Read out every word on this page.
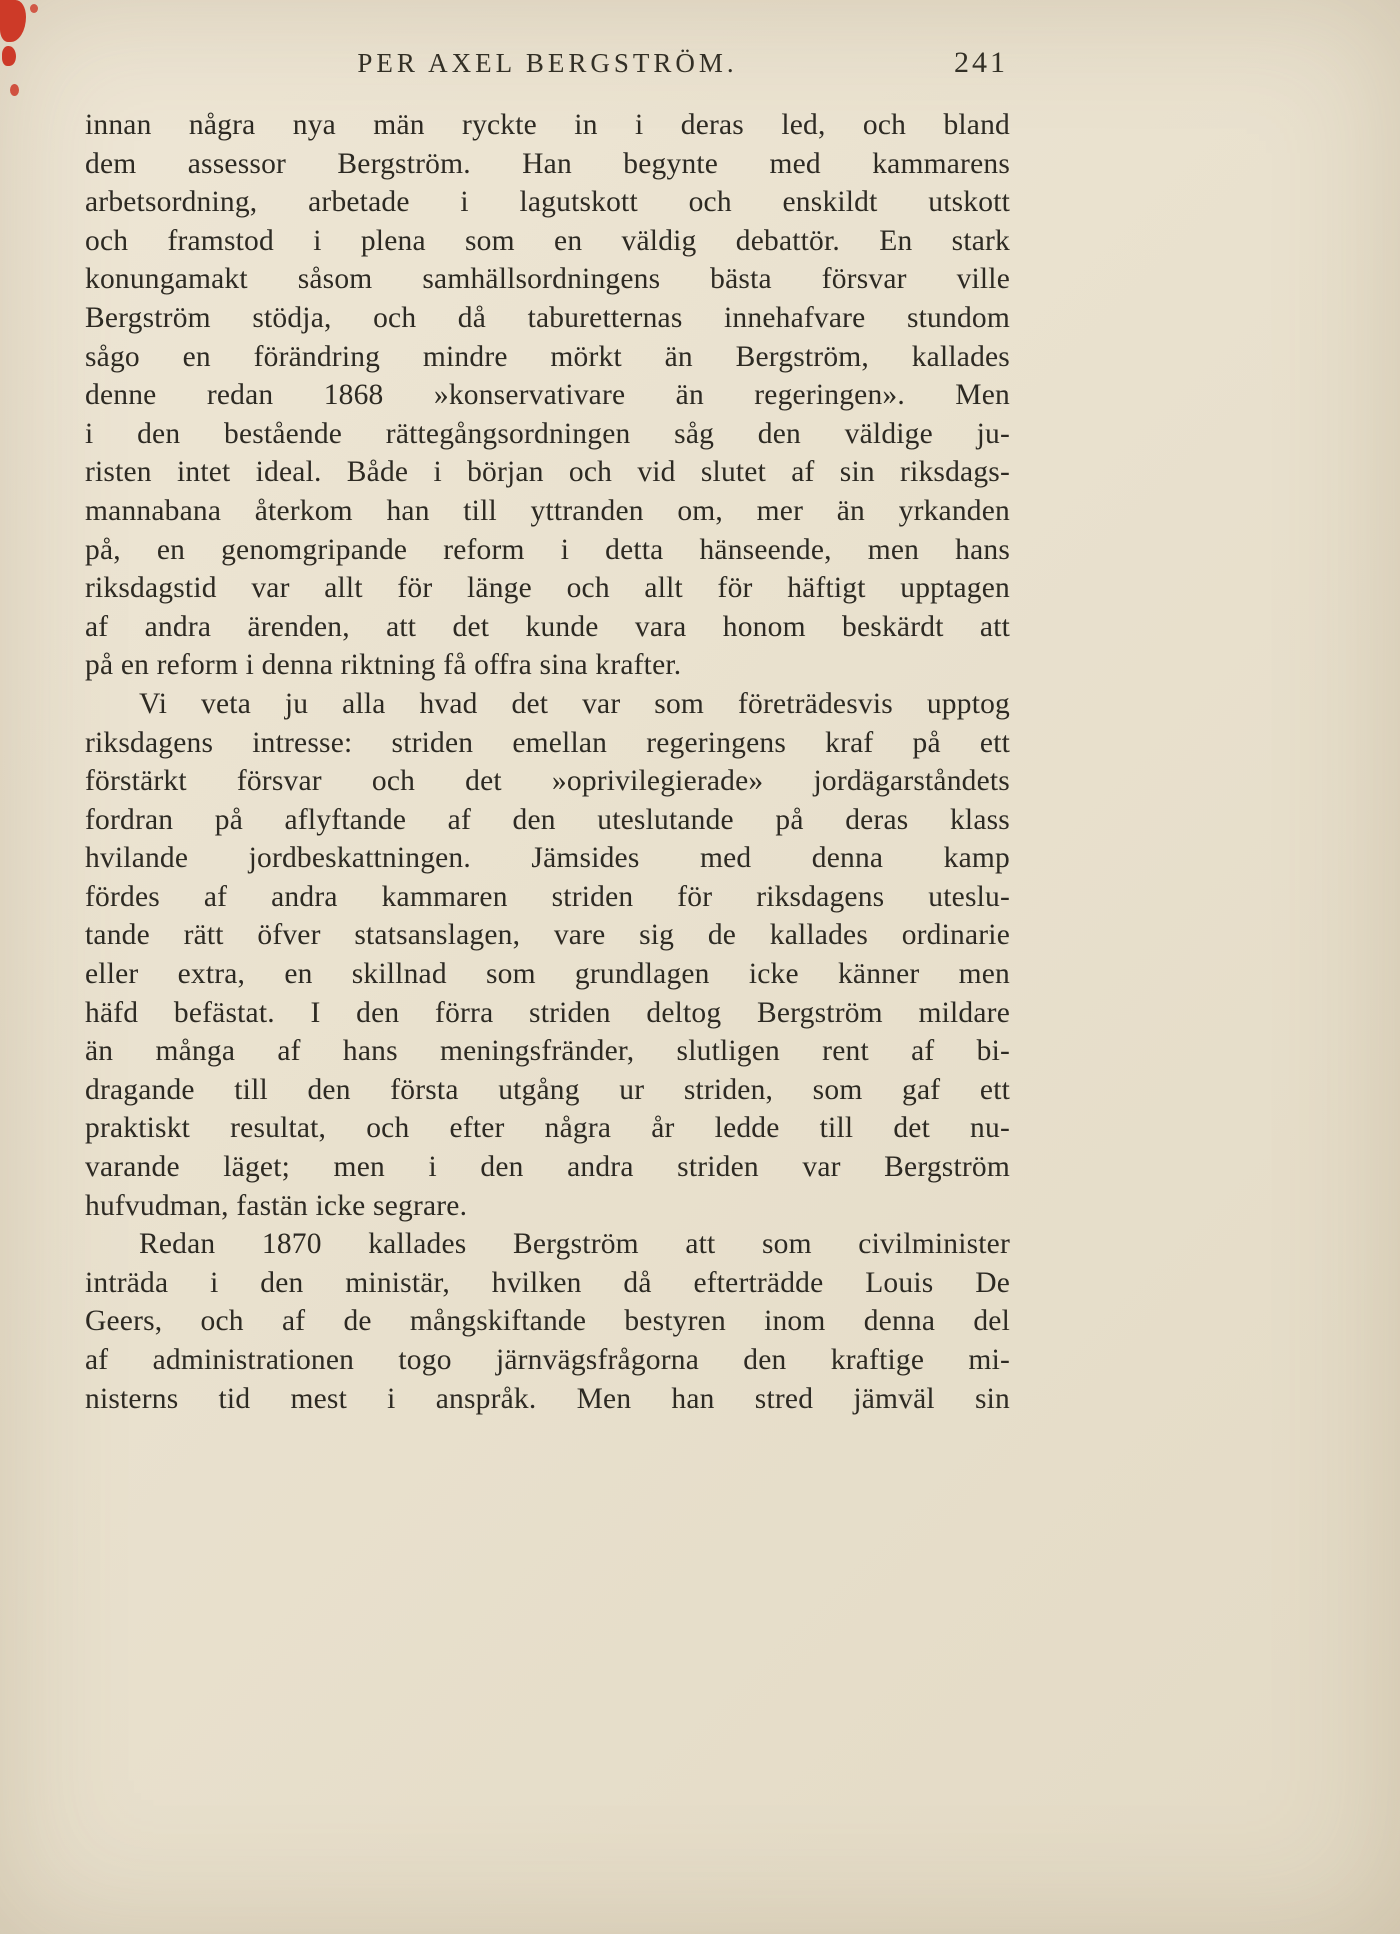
PER AXEL BERGSTRÖM.	241
innan några nya män ryckte in i deras led, och bland
dem assessor Bergström. Han begynte med kammarens
arbetsordning, arbetade i lagutskott och enskildt utskott
och framstod i plena som en väldig debattör. En stark
konungamakt såsom samhällsordningens bästa försvar ville
Bergström stödja, och då taburetternas innehafvare stundom
sågo en förändring mindre mörkt än Bergström, kallades
denne redan 1868 »konservativare än regeringen». Men
i den bestående rättegångsordningen såg den väldige ju-
risten intet ideal. Både i början och vid slutet af sin riksdags-
mannabana återkom han till yttranden om, mer än yrkanden
på, en genomgripande reform i detta hänseende, men hans
riksdagstid var allt för länge och allt för häftigt upptagen
af andra ärenden, att det kunde vara honom beskärdt att
på en reform i denna riktning få offra sina krafter.
Vi veta ju alla hvad det var som företrädesvis upptog
riksdagens intresse: striden emellan regeringens kraf på ett
förstärkt försvar och det »oprivilegierade» jordägarståndets
fordran på aflyftande af den uteslutande på deras klass
hvilande jordbeskattningen. Jämsides med denna kamp
fördes af andra kammaren striden för riksdagens uteslu-
tande rätt öfver statsanslagen, vare sig de kallades ordinarie
eller extra, en skillnad som grundlagen icke känner men
häfd befästat. I den förra striden deltog Bergström mildare
än många af hans meningsfränder, slutligen rent af bi-
dragande till den första utgång ur striden, som gaf ett
praktiskt resultat, och efter några år ledde till det nu-
varande läget; men i den andra striden var Bergström
hufvudman, fastän icke segrare.
Redan 1870 kallades Bergström att som civilminister
inträda i den ministär, hvilken då efterträdde Louis De
Geers, och af de mångskiftande bestyren inom denna del
af administrationen togo järnvägsfrågorna den kraftige mi-
nisterns tid mest i anspråk. Men han stred jämväl sin
